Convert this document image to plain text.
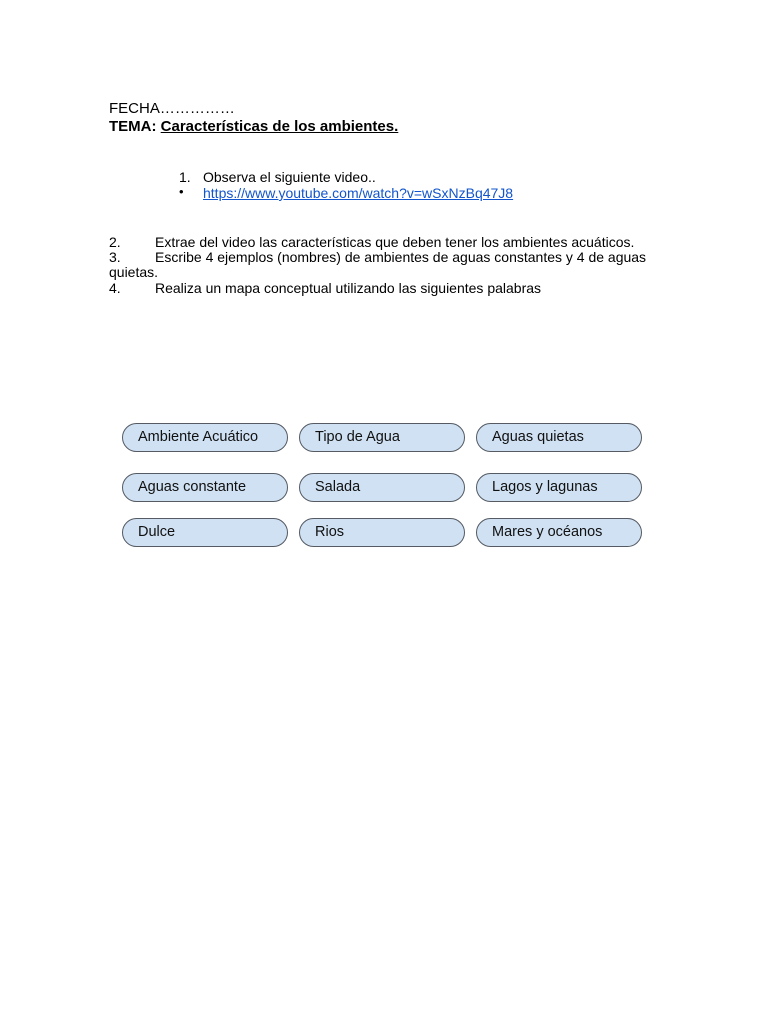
FECHA……………
TEMA: Características de los ambientes.
1. Observa el siguiente video..
• https://www.youtube.com/watch?v=wSxNzBq47J8
2. Extrae del video las características que deben tener los ambientes acuáticos.
3. Escribe 4 ejemplos (nombres) de ambientes de aguas constantes y 4 de aguas
quietas.
4. Realiza un mapa conceptual utilizando las siguientes palabras
Ambiente Acuático	Tipo de Agua	Aguas quietas
Aguas constante	Salada	Lagos y lagunas
Dulce	Rios	Mares y océanos
